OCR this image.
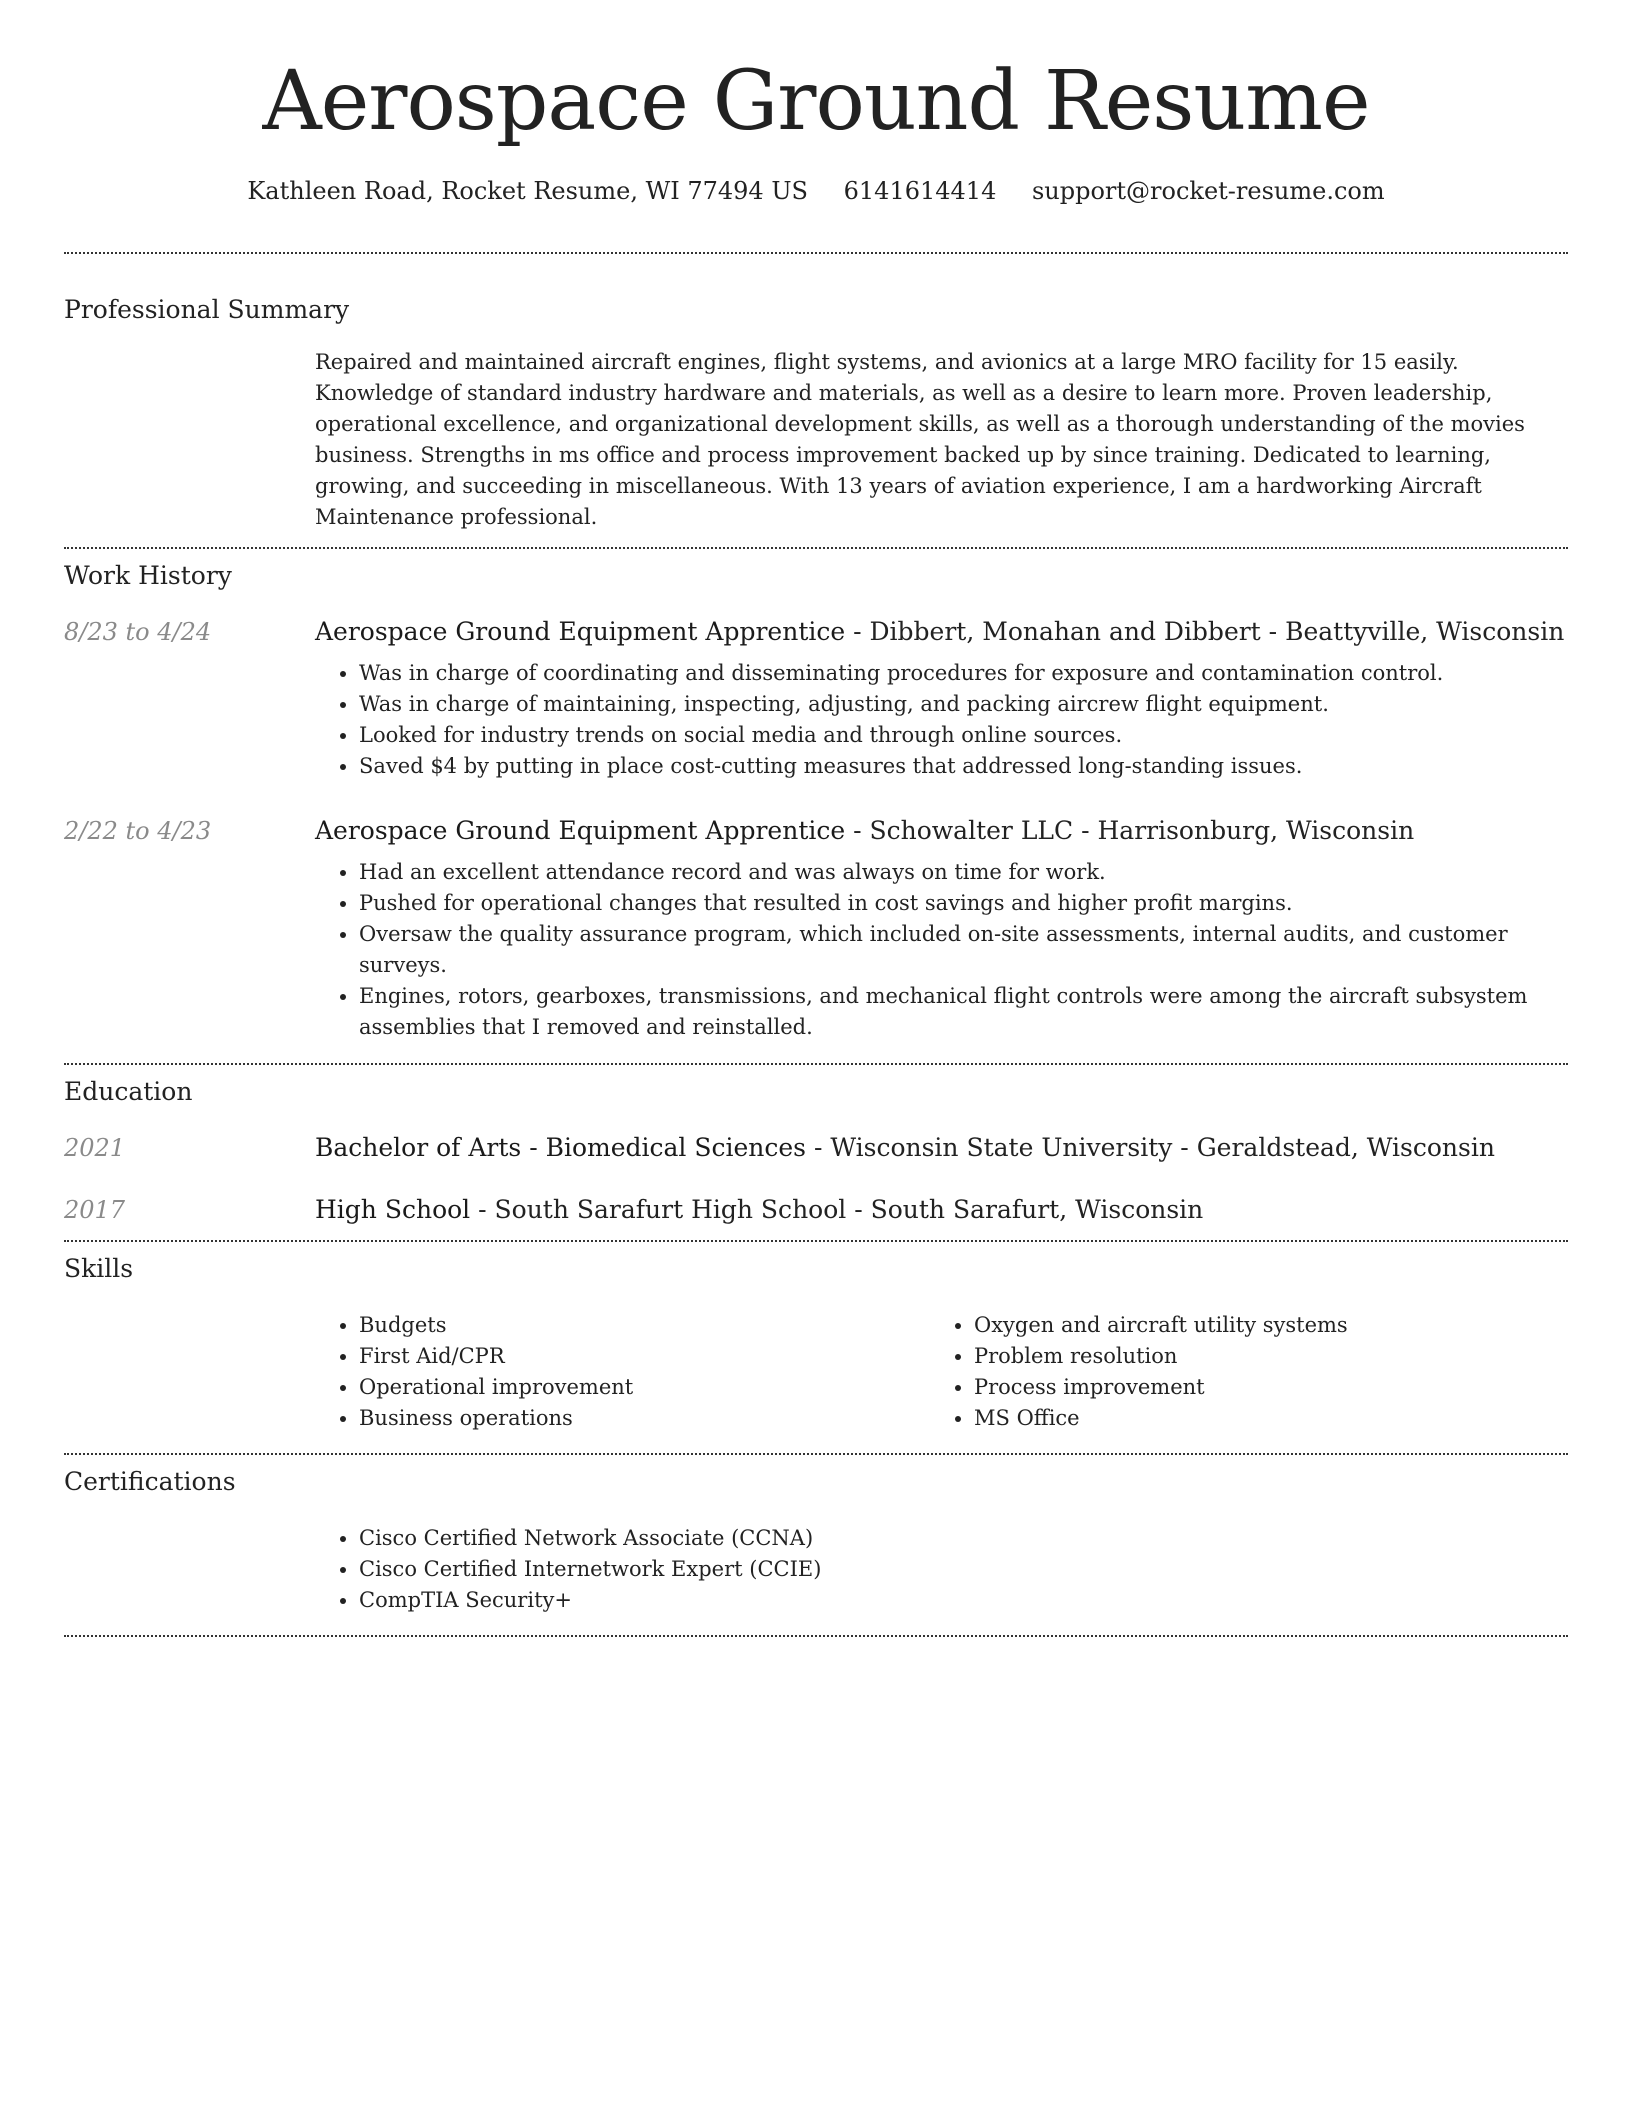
Aerospace Ground Resume
Kathleen Road, Rocket Resume, WI 77494 US 6141614414 support@rocket-resume.com
Professional Summary

Repaired and maintained aircraft engines, flight systems, and avionics at a large MRO facility for 15 easily. Knowledge of standard industry hardware and materials, as well as a desire to learn more. Proven leadership, operational excellence, and organizational development skills, as well as a thorough understanding of the movies business. Strengths in ms office and process improvement backed up by since training. Dedicated to learning, growing, and succeeding in miscellaneous. With 13 years of aviation experience, I am a hardworking Aircraft Maintenance professional.

Work History
8/23 to 4/24	Aerospace Ground Equipment Apprentice - Dibbert, Monahan and Dibbert - Beattyville, Wisconsin
• Was in charge of coordinating and disseminating procedures for exposure and contamination control.
• Was in charge of maintaining, inspecting, adjusting, and packing aircrew flight equipment.
• Looked for industry trends on social media and through online sources.
• Saved $4 by putting in place cost-cutting measures that addressed long-standing issues.
2/22 to 4/23	Aerospace Ground Equipment Apprentice - Schowalter LLC - Harrisonburg, Wisconsin
• Had an excellent attendance record and was always on time for work.
• Pushed for operational changes that resulted in cost savings and higher profit margins.
• Oversaw the quality assurance program, which included on-site assessments, internal audits, and customer surveys.
• Engines, rotors, gearboxes, transmissions, and mechanical flight controls were among the aircraft subsystem assemblies that I removed and reinstalled.
Education
2021	Bachelor of Arts - Biomedical Sciences - Wisconsin State University - Geraldstead, Wisconsin
2017	High School - South Sarafurt High School - South Sarafurt, Wisconsin
Skills
• Budgets
• First Aid/CPR
• Operational improvement
• Business operations
• Oxygen and aircraft utility systems
• Problem resolution
• Process improvement
• MS Office
Certifications
• Cisco Certified Network Associate (CCNA)
• Cisco Certified Internetwork Expert (CCIE)
• CompTIA Security+
